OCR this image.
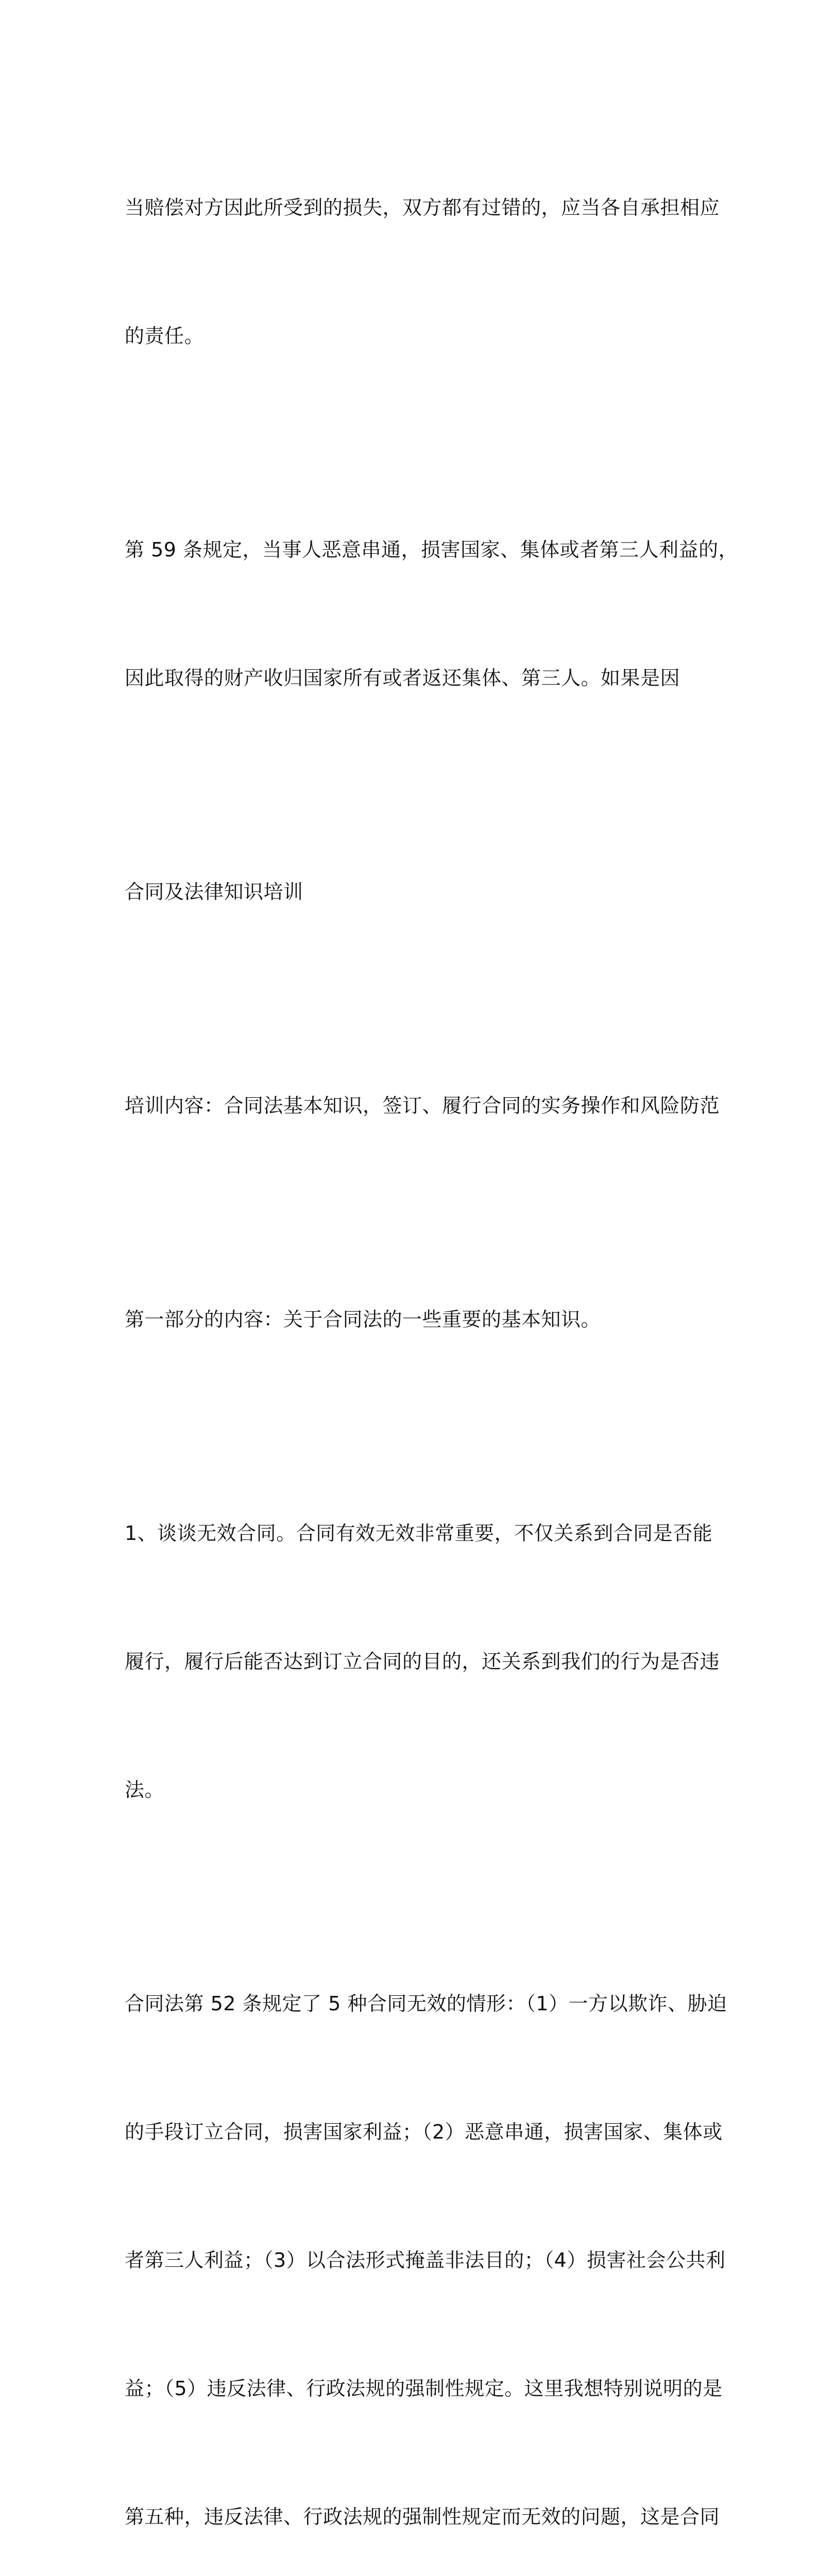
当赔偿对方因此所受到的损失，双方都有过错的，应当各自承担相应

的责任。

第 59 条规定，当事人恶意串通，损害国家、集体或者第三人利益的，

因此取得的财产收归国家所有或者返还集体、第三人。如果是因

合同及法律知识培训

培训内容：合同法基本知识，签订、履行合同的实务操作和风险防范

第一部分的内容：关于合同法的一些重要的基本知识。

1、谈谈无效合同。合同有效无效非常重要，不仅关系到合同是否能

履行，履行后能否达到订立合同的目的，还关系到我们的行为是否违

法。

合同法第 52 条规定了 5 种合同无效的情形：（1）一方以欺诈、胁迫

的手段订立合同，损害国家利益；（2）恶意串通，损害国家、集体或

者第三人利益；（3）以合法形式掩盖非法目的；（4）损害社会公共利

益；（5）违反法律、行政法规的强制性规定。这里我想特别说明的是

第五种，违反法律、行政法规的强制性规定而无效的问题，这是合同
